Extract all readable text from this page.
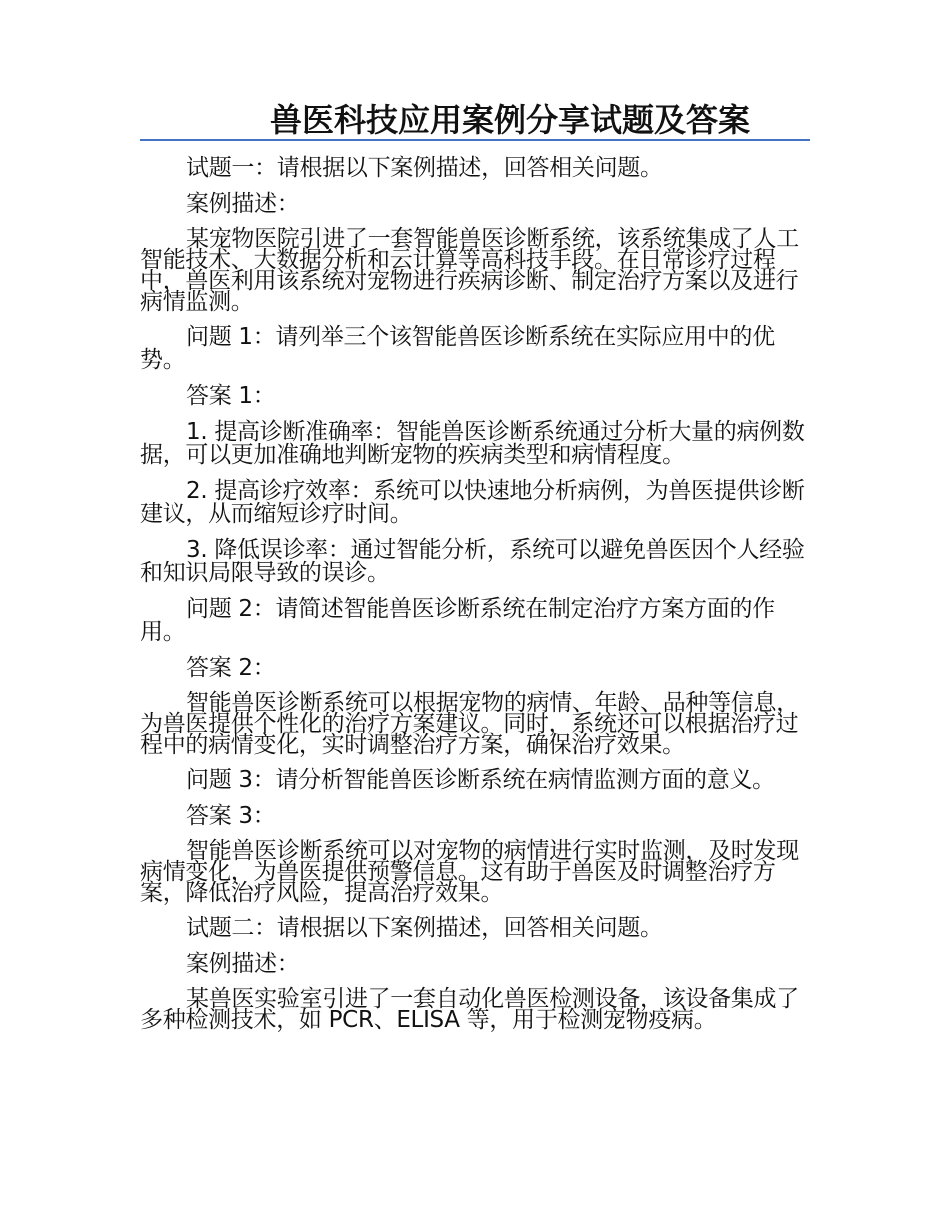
兽医科技应用案例分享试题及答案

试题一：请根据以下案例描述，回答相关问题。

案例描述：

某宠物医院引进了一套智能兽医诊断系统，该系统集成了人工智能技术、大数据分析和云计算等高科技手段。在日常诊疗过程中，兽医利用该系统对宠物进行疾病诊断、制定治疗方案以及进行病情监测。

问题 1：请列举三个该智能兽医诊断系统在实际应用中的优势。

答案 1：

1. 提高诊断准确率：智能兽医诊断系统通过分析大量的病例数据，可以更加准确地判断宠物的疾病类型和病情程度。

2. 提高诊疗效率：系统可以快速地分析病例，为兽医提供诊断建议，从而缩短诊疗时间。

3. 降低误诊率：通过智能分析，系统可以避免兽医因个人经验和知识局限导致的误诊。

问题 2：请简述智能兽医诊断系统在制定治疗方案方面的作用。

答案 2：

智能兽医诊断系统可以根据宠物的病情、年龄、品种等信息，为兽医提供个性化的治疗方案建议。同时，系统还可以根据治疗过程中的病情变化，实时调整治疗方案，确保治疗效果。

问题 3：请分析智能兽医诊断系统在病情监测方面的意义。

答案 3：

智能兽医诊断系统可以对宠物的病情进行实时监测，及时发现病情变化，为兽医提供预警信息。这有助于兽医及时调整治疗方案，降低治疗风险，提高治疗效果。

试题二：请根据以下案例描述，回答相关问题。

案例描述：

某兽医实验室引进了一套自动化兽医检测设备，该设备集成了多种检测技术，如 PCR、ELISA 等，用于检测宠物疫病。
